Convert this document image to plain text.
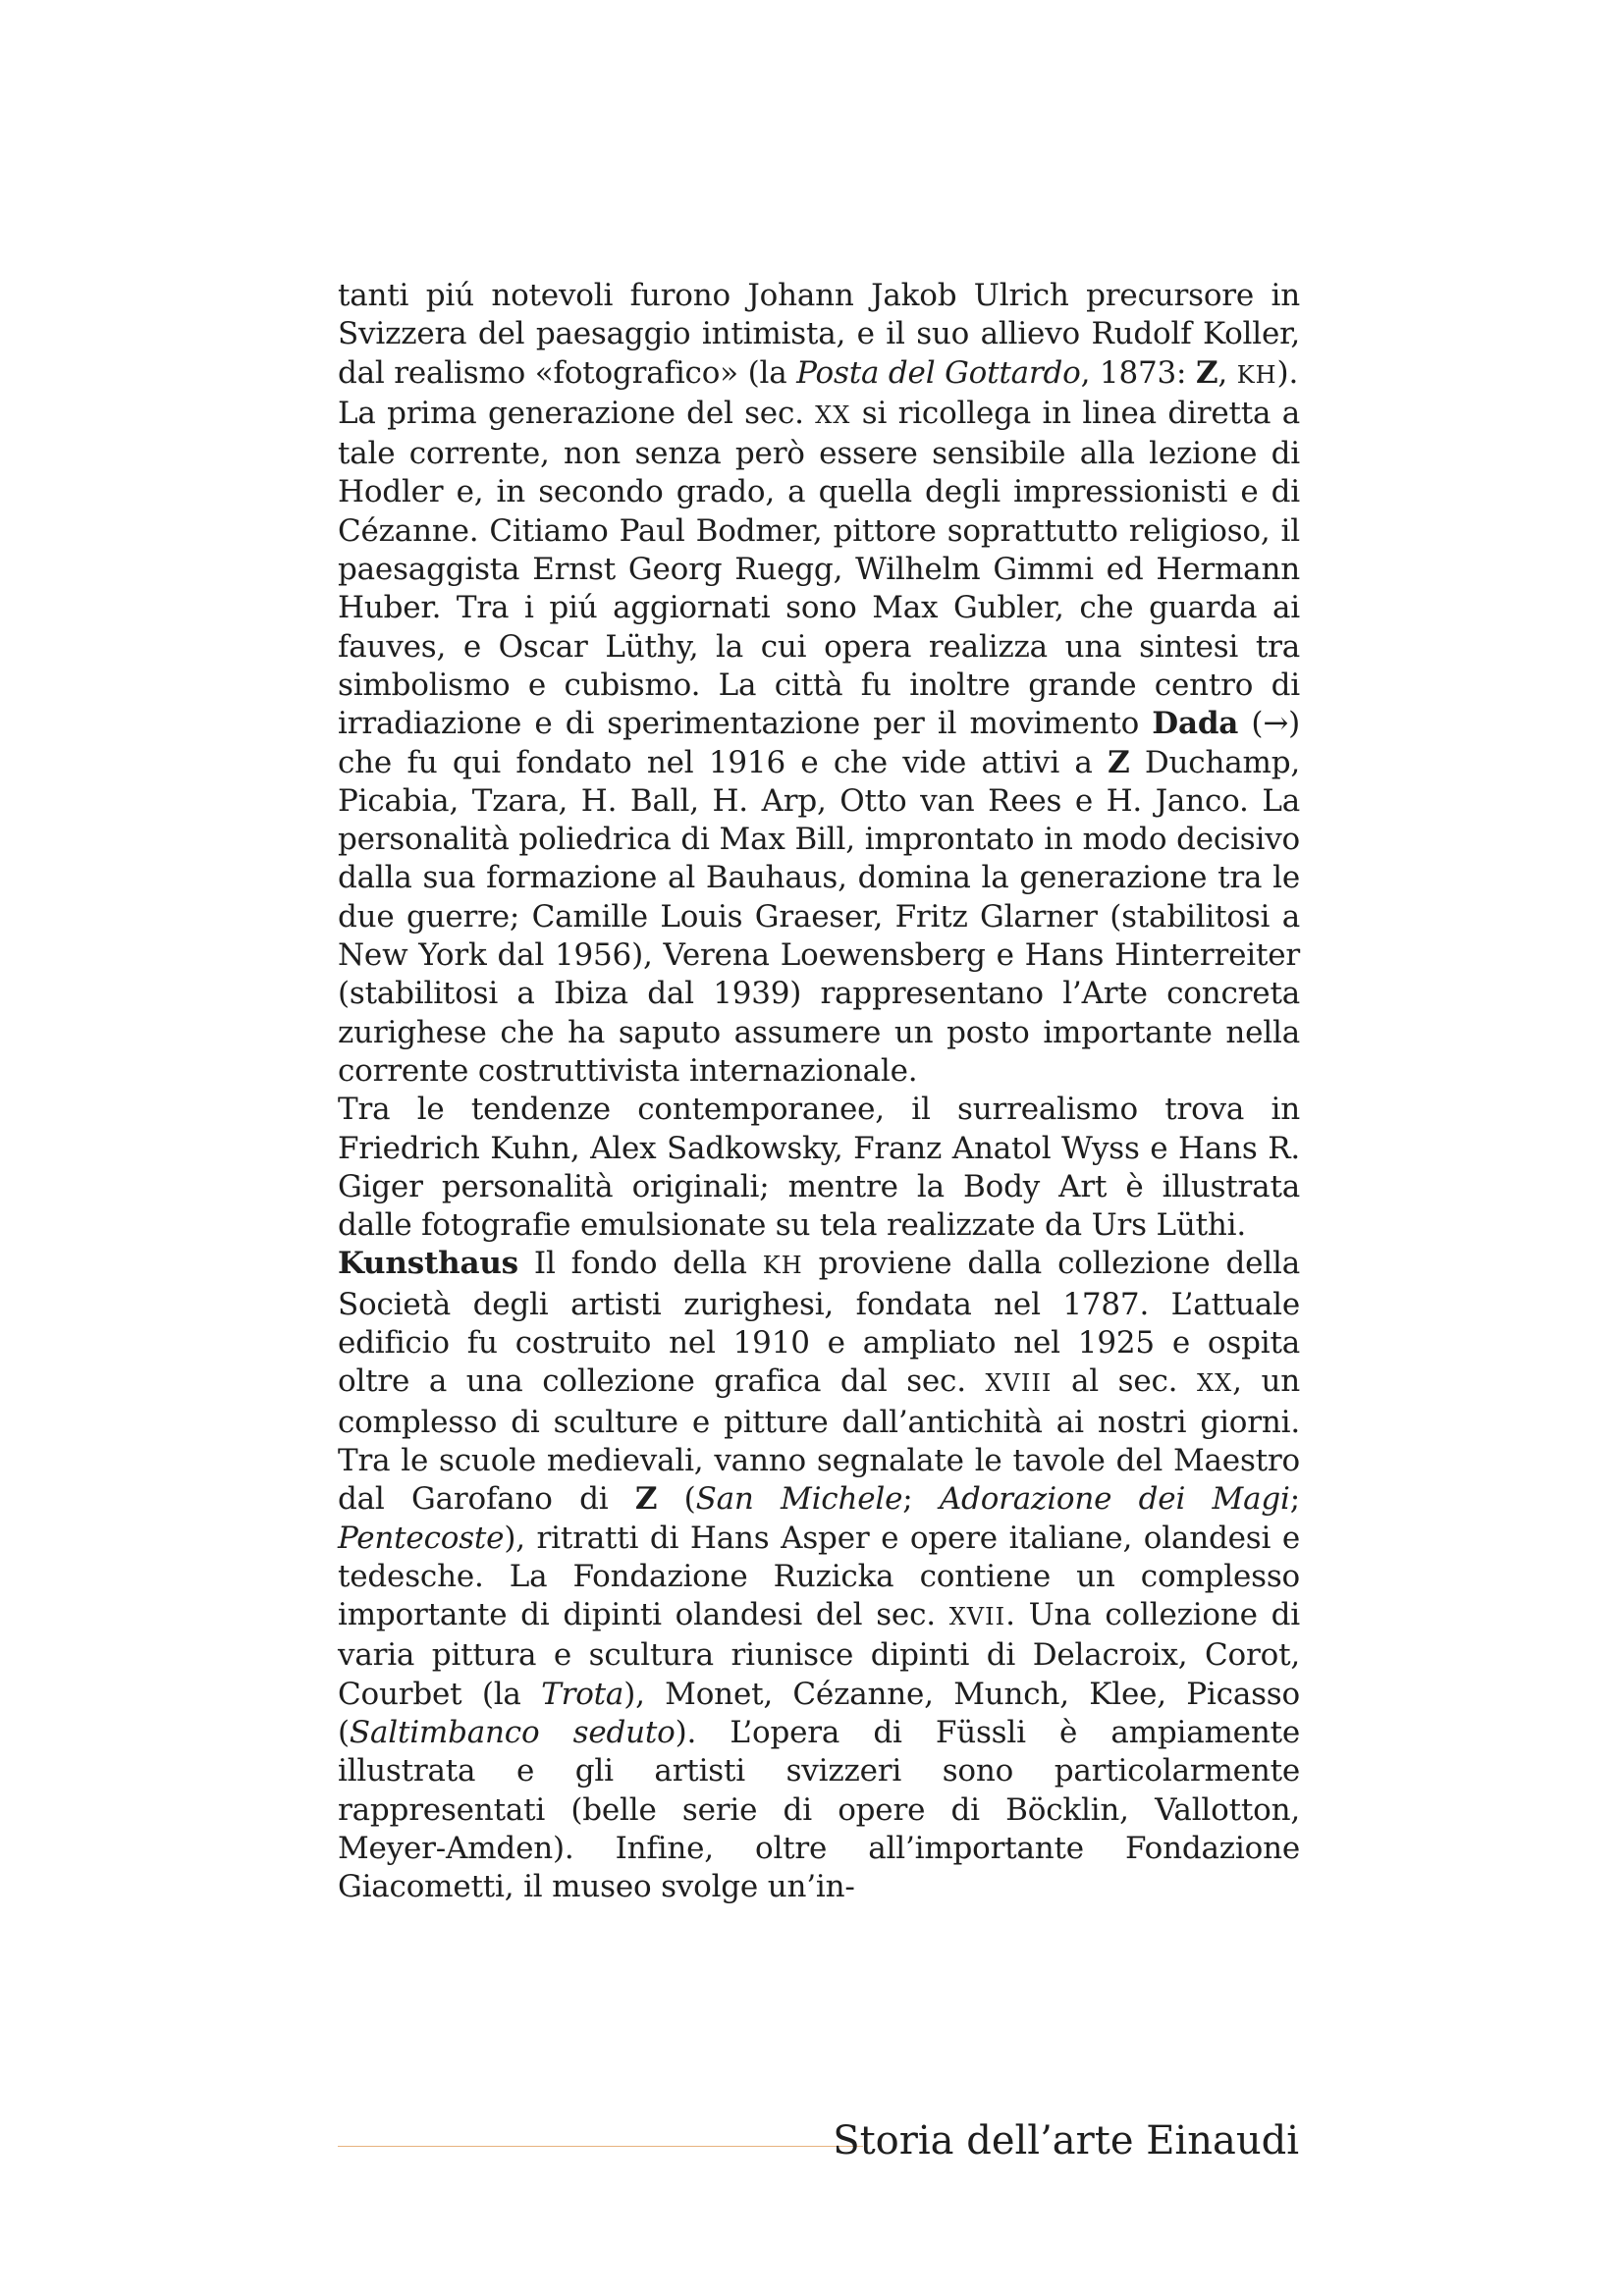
tanti piú notevoli furono Johann Jakob Ulrich precursore in Svizzera del paesaggio intimista, e il suo allievo Rudolf Koller, dal realismo «fotografico» (la Posta del Gottardo, 1873: Z, KH).

La prima generazione del sec. XX si ricollega in linea diretta a tale corrente, non senza però essere sensibile alla lezione di Hodler e, in secondo grado, a quella degli impressionisti e di Cézanne. Citiamo Paul Bodmer, pittore soprattutto religioso, il paesaggista Ernst Georg Ruegg, Wilhelm Gimmi ed Hermann Huber. Tra i piú aggiornati sono Max Gubler, che guarda ai fauves, e Oscar Lüthy, la cui opera realizza una sintesi tra simbolismo e cubismo. La città fu inoltre grande centro di irradiazione e di sperimentazione per il movimento Dada (→) che fu qui fondato nel 1916 e che vide attivi a Z Duchamp, Picabia, Tzara, H. Ball, H. Arp, Otto van Rees e H. Janco. La personalità poliedrica di Max Bill, improntato in modo decisivo dalla sua formazione al Bauhaus, domina la generazione tra le due guerre; Camille Louis Graeser, Fritz Glarner (stabilitosi a New York dal 1956), Verena Loewensberg e Hans Hinterreiter (stabilitosi a Ibiza dal 1939) rappresentano l’Arte concreta zurighese che ha saputo assumere un posto importante nella corrente costruttivista internazionale.

Tra le tendenze contemporanee, il surrealismo trova in Friedrich Kuhn, Alex Sadkowsky, Franz Anatol Wyss e Hans R. Giger personalità originali; mentre la Body Art è illustrata dalle fotografie emulsionate su tela realizzate da Urs Lüthi.

Kunsthaus Il fondo della KH proviene dalla collezione della Società degli artisti zurighesi, fondata nel 1787. L’attuale edificio fu costruito nel 1910 e ampliato nel 1925 e ospita oltre a una collezione grafica dal sec. XVIII al sec. XX, un complesso di sculture e pitture dall’antichità ai nostri giorni. Tra le scuole medievali, vanno segnalate le tavole del Maestro dal Garofano di Z (San Michele; Adorazione dei Magi; Pentecoste), ritratti di Hans Asper e opere italiane, olandesi e tedesche. La Fondazione Ruzicka contiene un complesso importante di dipinti olandesi del sec. XVII. Una collezione di varia pittura e scultura riunisce dipinti di Delacroix, Corot, Courbet (la Trota), Monet, Cézanne, Munch, Klee, Picasso (Saltimbanco seduto). L’opera di Füssli è ampiamente illustrata e gli artisti svizzeri sono particolarmente rappresentati (belle serie di opere di Böcklin, Vallotton, Meyer-Amden). Infine, oltre all’importante Fondazione Giacometti, il museo svolge un’in-

Storia dell’arte Einaudi
